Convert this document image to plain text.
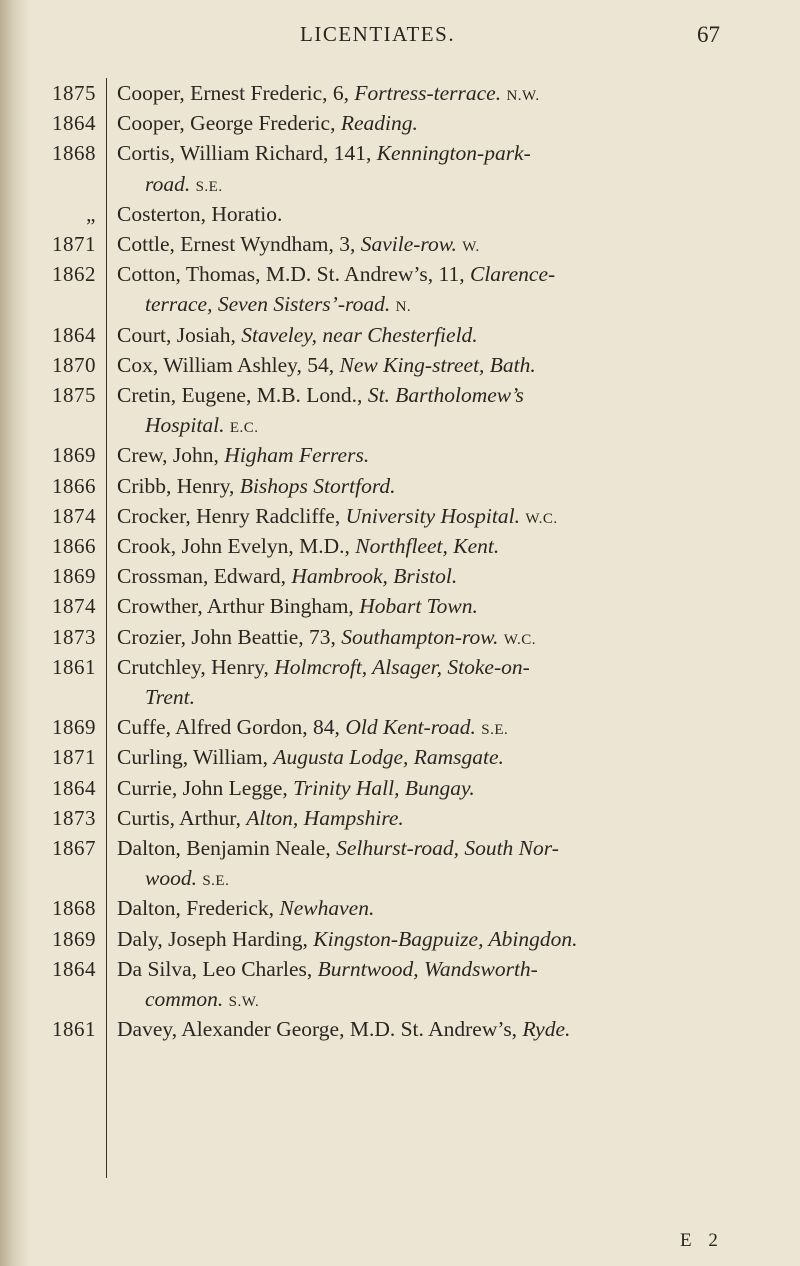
LICENTIATES.	67
1875 Cooper, Ernest Frederic, 6, Fortress-terrace. N.W.
1864 Cooper, George Frederic, Reading.
1868 Cortis, William Richard, 141, Kennington-park-
road. S.E.
„ Costerton, Horatio.
1871 Cottle, Ernest Wyndham, 3, Savile-row. W.
1862 Cotton, Thomas, M.D. St. Andrew’s, 11, Clarence-
terrace, Seven Sisters’-road. N.
1864 Court, Josiah, Staveley, near Chesterfield.
1870 Cox, William Ashley, 54, New King-street, Bath.
1875 Cretin, Eugene, M.B. Lond., St. Bartholomew’s
Hospital. E.C.
1869 Crew, John, Higham Ferrers.
1866 Cribb, Henry, Bishops Stortford.
1874 Crocker, Henry Radcliffe, University Hospital. W.C.
1866 Crook, John Evelyn, M.D., Northfleet, Kent.
1869 Crossman, Edward, Hambrook, Bristol.
1874 Crowther, Arthur Bingham, Hobart Town.
1873 Crozier, John Beattie, 73, Southampton-row. W.C.
1861 Crutchley, Henry, Holmcroft, Alsager, Stoke-on-
Trent.
1869 Cuffe, Alfred Gordon, 84, Old Kent-road. S.E.
1871 Curling, William, Augusta Lodge, Ramsgate.
1864 Currie, John Legge, Trinity Hall, Bungay.
1873 Curtis, Arthur, Alton, Hampshire.
1867 Dalton, Benjamin Neale, Selhurst-road, South Nor-
wood. S.E.
1868 Dalton, Frederick, Newhaven.
1869 Daly, Joseph Harding, Kingston-Bagpuize, Abingdon.
1864 Da Silva, Leo Charles, Burntwood, Wandsworth-
common. S.W.
1861 Davey, Alexander George, M.D. St. Andrew’s, Ryde.
E 2
